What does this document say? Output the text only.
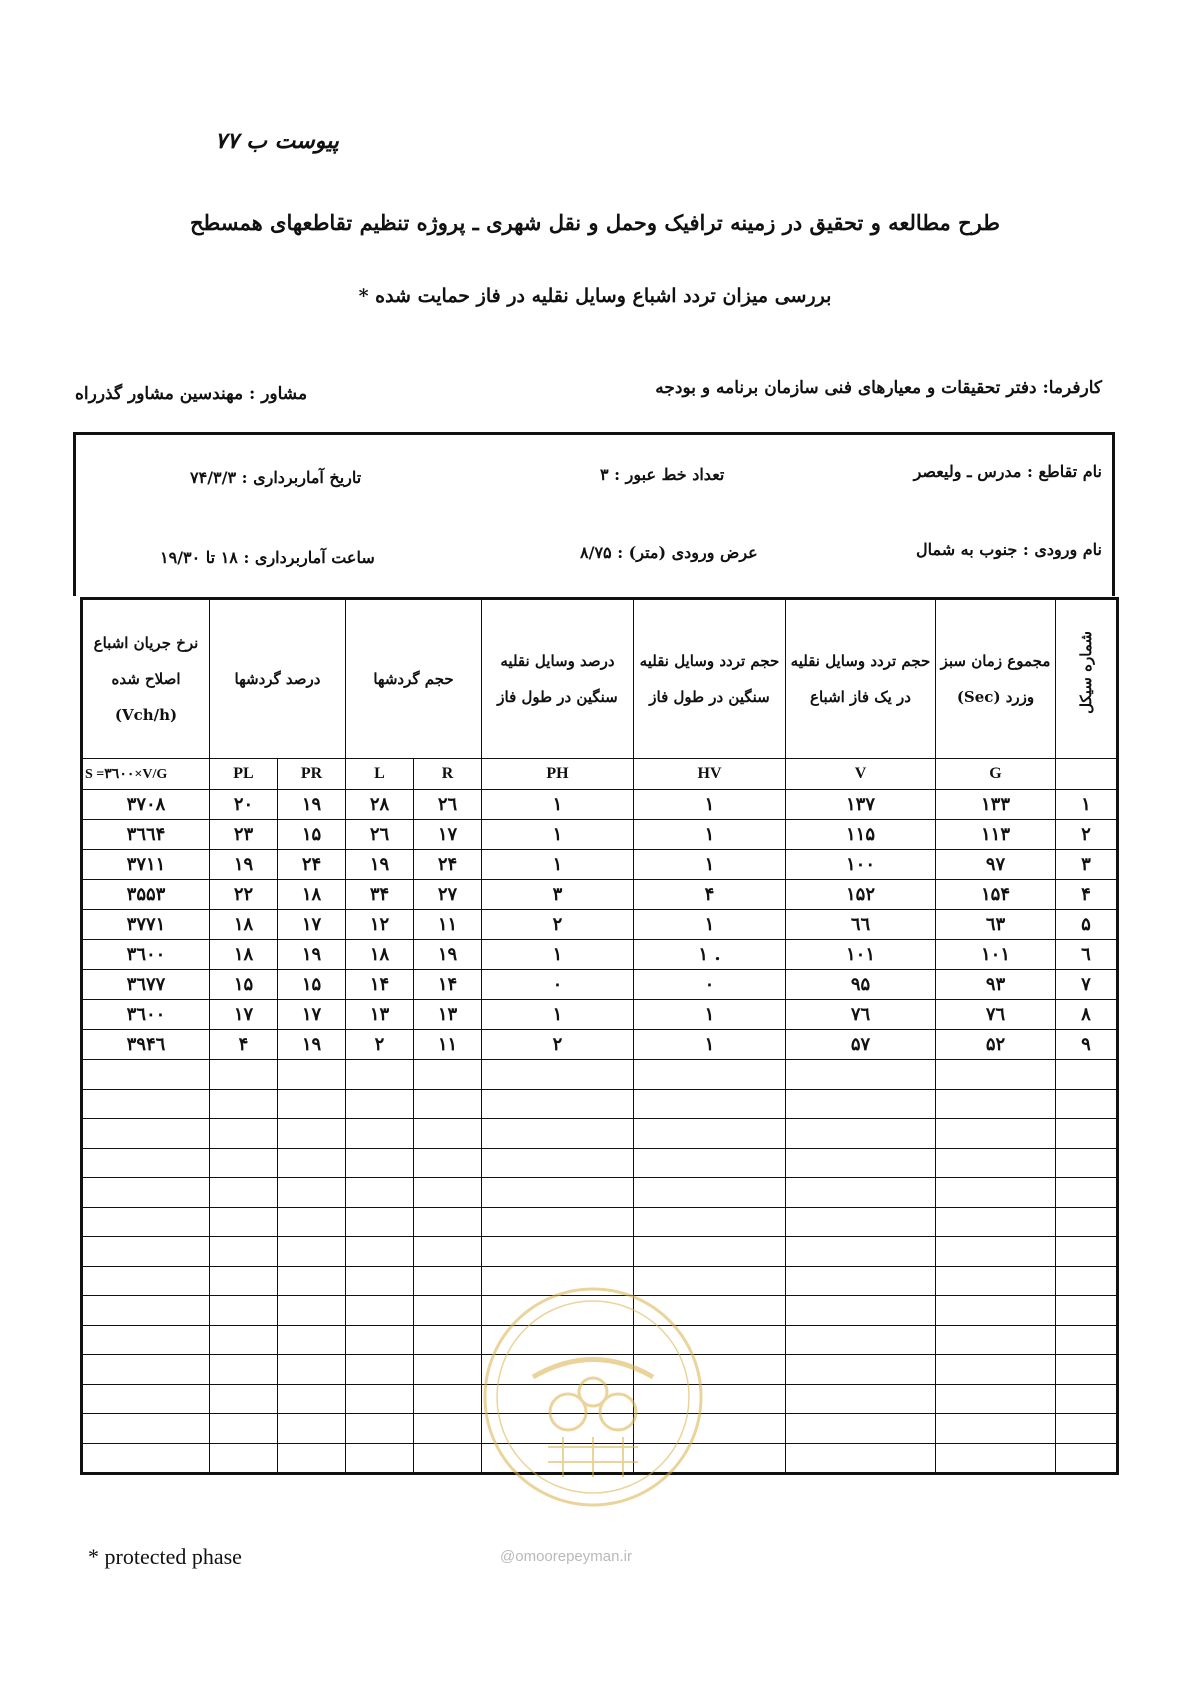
پیوست ب ۷۷
طرح مطالعه و تحقیق در زمینه ترافیک وحمل و نقل شهری ـ پروژه تنظیم تقاطعهای همسطح
بررسی میزان تردد اشباع وسایل نقلیه در فاز حمایت شده *
کارفرما: دفتر تحقیقات و معیارهای فنی سازمان برنامه و بودجه
مشاور : مهندسین مشاور گذرراه
نام تقاطع : مدرس ـ ولیعصر
تعداد خط عبور : ۳
تاریخ آماربرداری : ۷۴/۳/۳
نام ورودی : جنوب به شمال
عرض ورودی (متر) : ۸/۷۵
ساعت آماربرداری : ۱۸ تا ۱۹/۳۰
نرخ جریان اشباع اصلاح شده (Vch/h)	درصد گردشها		حجم گردشها		درصد وسایل نقلیه سنگین در طول فاز	حجم تردد وسایل نقلیه سنگین در طول فاز	حجم تردد وسایل نقلیه در یک فاز اشباع	مجموع زمان سبز وزرد (Sec)	شماره سیکل
S =۳٦۰۰×V/G	PL	PR	L	R	PH	HV	V	G	
۳۷۰۸	۲۰	۱۹	۲۸	۲٦	۱	۱	۱۳۷	۱۳۳	۱
۳٦٦۴	۲۳	۱۵	۲٦	۱۷	۱	۱	۱۱۵	۱۱۳	۲
۳۷۱۱	۱۹	۲۴	۱۹	۲۴	۱	۱	۱۰۰	۹۷	۳
۳۵۵۳	۲۲	۱۸	۳۴	۲۷	۳	۴	۱۵۲	۱۵۴	۴
۳۷۷۱	۱۸	۱۷	۱۲	۱۱	۲	۱	٦٦	٦۳	۵
۳٦۰۰	۱۸	۱۹	۱۸	۱۹	۱	۱ .	۱۰۱	۱۰۱	٦
۳٦۷۷	۱۵	۱۵	۱۴	۱۴	۰	۰	۹۵	۹۳	۷
۳٦۰۰	۱۷	۱۷	۱۳	۱۳	۱	۱	۷٦	۷٦	۸
۳۹۴٦	۴	۱۹	۲	۱۱	۲	۱	۵۷	۵۲	۹

@omoorepeyman.ir
* protected phase
